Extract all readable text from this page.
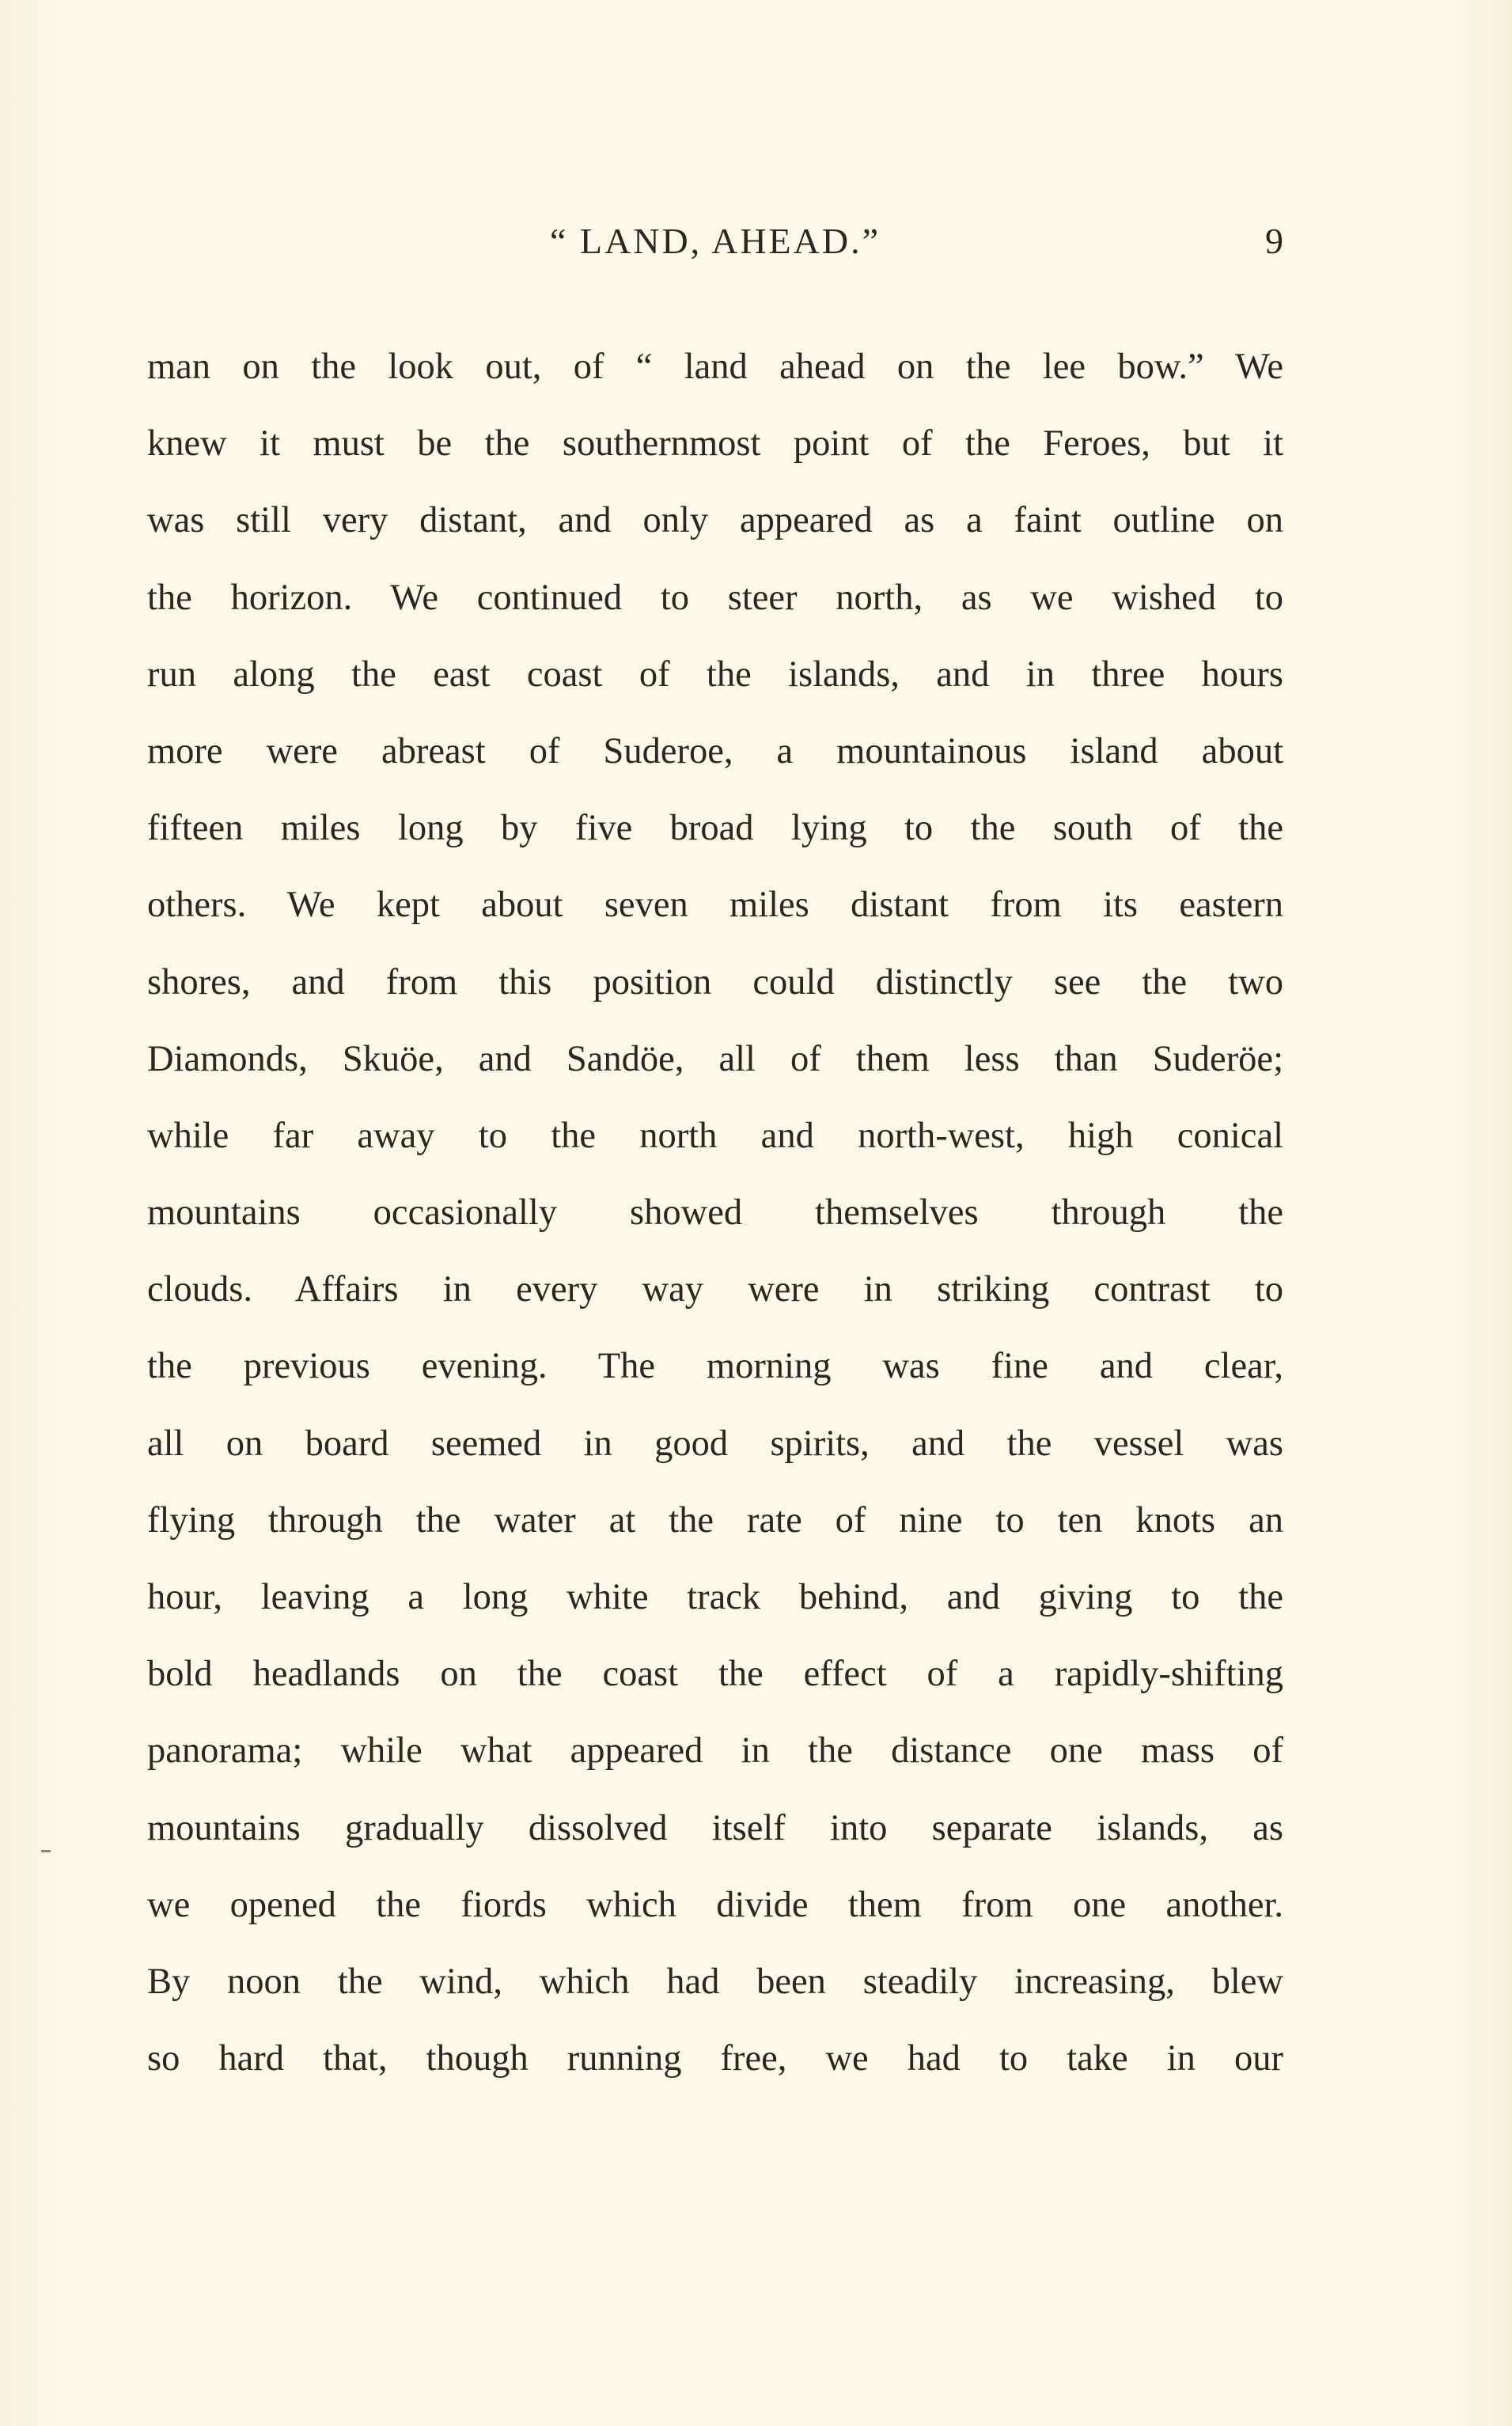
“ LAND, AHEAD.”	9
man on the look out, of “ land ahead on the lee bow.” We
knew it must be the southernmost point of the Feroes, but it
was still very distant, and only appeared as a faint outline on
the horizon. We continued to steer north, as we wished to
run along the east coast of the islands, and in three hours
more were abreast of Suderoe, a mountainous island about
fifteen miles long by five broad lying to the south of the
others. We kept about seven miles distant from its eastern
shores, and from this position could distinctly see the two
Diamonds, Skuöe, and Sandöe, all of them less than Suderöe;
while far away to the north and north-west, high conical
mountains occasionally showed themselves through the
clouds. Affairs in every way were in striking contrast to
the previous evening. The morning was fine and clear,
all on board seemed in good spirits, and the vessel was
flying through the water at the rate of nine to ten knots an
hour, leaving a long white track behind, and giving to the
bold headlands on the coast the effect of a rapidly-shifting
panorama; while what appeared in the distance one mass of
mountains gradually dissolved itself into separate islands, as
we opened the fiords which divide them from one another.
By noon the wind, which had been steadily increasing, blew
so hard that, though running free, we had to take in our
